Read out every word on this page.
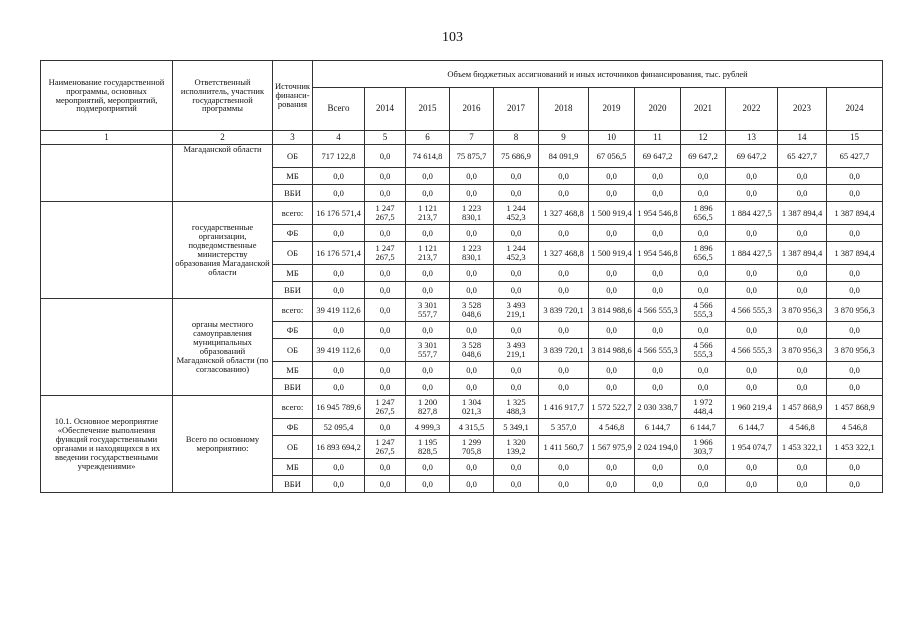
103
Наименование государственной программы, основных мероприятий, мероприятий, подмероприятий	Ответственный исполнитель, участник государственной программы	Источник финанси-рования	Объем бюджетных ассигнований и иных источников финансирования, тыс. рублей											
			Всего	2014	2015	2016	2017	2018	2019	2020	2021	2022	2023	2024
1	2	3	4	5	6	7	8	9	10	11	12	13	14	15
	Магаданской области	ОБ	717 122,8	0,0	74 614,8	75 875,7	75 686,9	84 091,9	67 056,5	69 647,2	69 647,2	69 647,2	65 427,7	65 427,7
		МБ	0,0	0,0	0,0	0,0	0,0	0,0	0,0	0,0	0,0	0,0	0,0	0,0
		ВБИ	0,0	0,0	0,0	0,0	0,0	0,0	0,0	0,0	0,0	0,0	0,0	0,0
	государственные организации, подведомственные министерству образования Магаданской области	всего:	16 176 571,4	1 247 267,5	1 121 213,7	1 223 830,1	1 244 452,3	1 327 468,8	1 500 919,4	1 954 546,8	1 896 656,5	1 884 427,5	1 387 894,4	1 387 894,4
		ФБ	0,0	0,0	0,0	0,0	0,0	0,0	0,0	0,0	0,0	0,0	0,0	0,0
		ОБ	16 176 571,4	1 247 267,5	1 121 213,7	1 223 830,1	1 244 452,3	1 327 468,8	1 500 919,4	1 954 546,8	1 896 656,5	1 884 427,5	1 387 894,4	1 387 894,4
		МБ	0,0	0,0	0,0	0,0	0,0	0,0	0,0	0,0	0,0	0,0	0,0	0,0
		ВБИ	0,0	0,0	0,0	0,0	0,0	0,0	0,0	0,0	0,0	0,0	0,0	0,0
	органы местного самоуправления муниципальных образований Магаданской области (по согласованию)	всего:	39 419 112,6	0,0	3 301 557,7	3 528 048,6	3 493 219,1	3 839 720,1	3 814 988,6	4 566 555,3	4 566 555,3	4 566 555,3	3 870 956,3	3 870 956,3
		ФБ	0,0	0,0	0,0	0,0	0,0	0,0	0,0	0,0	0,0	0,0	0,0	0,0
		ОБ	39 419 112,6	0,0	3 301 557,7	3 528 048,6	3 493 219,1	3 839 720,1	3 814 988,6	4 566 555,3	4 566 555,3	4 566 555,3	3 870 956,3	3 870 956,3
		МБ	0,0	0,0	0,0	0,0	0,0	0,0	0,0	0,0	0,0	0,0	0,0	0,0
		ВБИ	0,0	0,0	0,0	0,0	0,0	0,0	0,0	0,0	0,0	0,0	0,0	0,0
10.1. Основное мероприятие «Обеспечение выполнения функций государственными органами и находящихся в их введении государственными учреждениями»	Всего по основному мероприятию:	всего:	16 945 789,6	1 247 267,5	1 200 827,8	1 304 021,3	1 325 488,3	1 416 917,7	1 572 522,7	2 030 338,7	1 972 448,4	1 960 219,4	1 457 868,9	1 457 868,9
		ФБ	52 095,4	0,0	4 999,3	4 315,5	5 349,1	5 357,0	4 546,8	6 144,7	6 144,7	6 144,7	4 546,8	4 546,8
		ОБ	16 893 694,2	1 247 267,5	1 195 828,5	1 299 705,8	1 320 139,2	1 411 560,7	1 567 975,9	2 024 194,0	1 966 303,7	1 954 074,7	1 453 322,1	1 453 322,1
		МБ	0,0	0,0	0,0	0,0	0,0	0,0	0,0	0,0	0,0	0,0	0,0	0,0
		ВБИ	0,0	0,0	0,0	0,0	0,0	0,0	0,0	0,0	0,0	0,0	0,0	0,0
